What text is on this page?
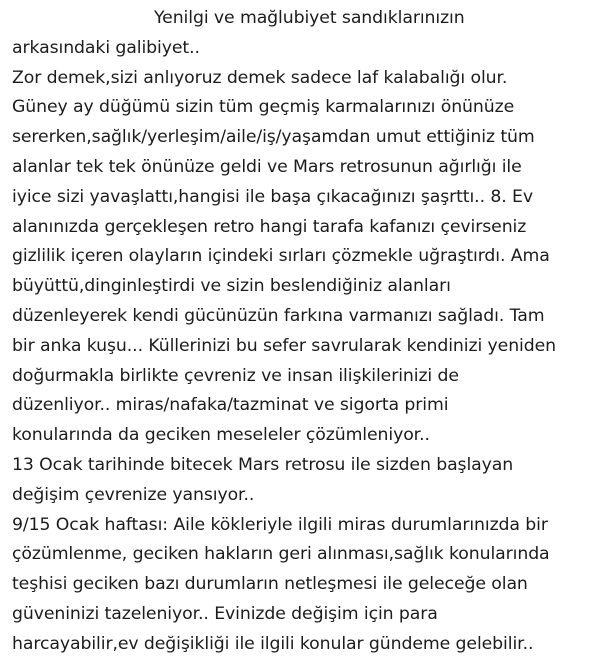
Yenilgi ve mağlubiyet sandıklarınızın
arkasındaki galibiyet..
Zor demek,sizi anlıyoruz demek sadece laf kalabalığı olur.
Güney ay düğümü sizin tüm geçmiş karmalarınızı önünüze
sererken,sağlık/yerleşim/aile/iş/yaşamdan umut ettiğiniz tüm
alanlar tek tek önünüze geldi ve Mars retrosunun ağırlığı ile
iyice sizi yavaşlattı,hangisi ile başa çıkacağınızı şaşrttı.. 8. Ev
alanınızda gerçekleşen retro hangi tarafa kafanızı çevirseniz
gizlilik içeren olayların içindeki sırları çözmekle uğraştırdı. Ama
büyüttü,dinginleştirdi ve sizin beslendiğiniz alanları
düzenleyerek kendi gücünüzün farkına varmanızı sağladı. Tam
bir anka kuşu... Küllerinizi bu sefer savrularak kendinizi yeniden
doğurmakla birlikte çevreniz ve insan ilişkilerinizi de
düzenliyor.. miras/nafaka/tazminat ve sigorta primi
konularında da geciken meseleler çözümleniyor..
13 Ocak tarihinde bitecek Mars retrosu ile sizden başlayan
değişim çevrenize yansıyor..
9/15 Ocak haftası: Aile kökleriyle ilgili miras durumlarınızda bir
çözümlenme, geciken hakların geri alınması,sağlık konularında
teşhisi geciken bazı durumların netleşmesi ile geleceğe olan
güveninizi tazeleniyor.. Evinizde değişim için para
harcayabilir,ev değişikliği ile ilgili konular gündeme gelebilir..
